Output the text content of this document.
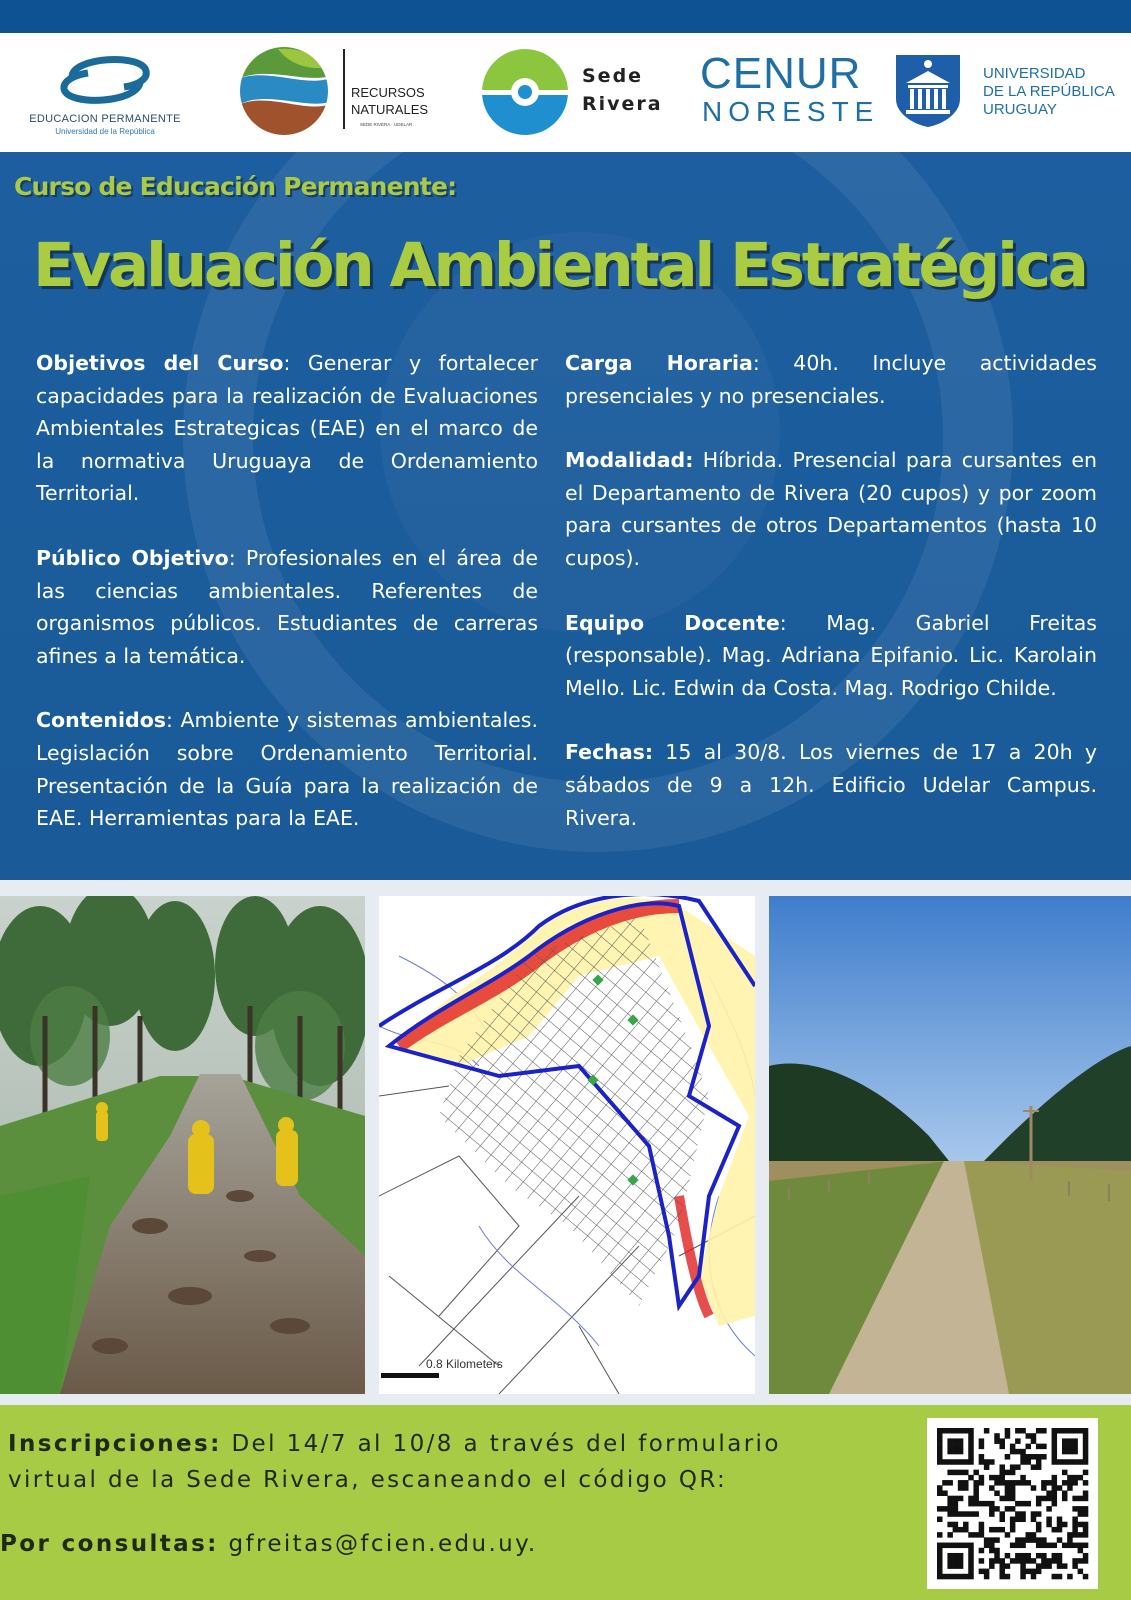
EDUCACION PERMANENTE
Universidad de la República
RECURSOS
NATURALES
SEDE RIVERA · UDELAR
Sede
Rivera
CENUR
NORESTE
UNIVERSIDAD
DE LA REPÚBLICA
URUGUAY
Curso de Educación Permanente:
Evaluación Ambiental Estratégica

Objetivos del Curso: Generar y fortalecer capacidades para la realización de Evaluaciones Ambientales Estrategicas (EAE) en el marco de la normativa Uruguaya de Ordenamiento Territorial.

Público Objetivo: Profesionales en el área de las ciencias ambientales. Referentes de organismos públicos. Estudiantes de carreras afines a la temática.

Contenidos: Ambiente y sistemas ambientales. Legislación sobre Ordenamiento Territorial. Presentación de la Guía para la realización de EAE. Herramientas para la EAE.

Carga Horaria: 40h. Incluye actividades presenciales y no presenciales.

Modalidad: Híbrida. Presencial para cursantes en el Departamento de Rivera (20 cupos) y por zoom para cursantes de otros Departamentos (hasta 10 cupos).

Equipo Docente: Mag. Gabriel Freitas (responsable). Mag. Adriana Epifanio. Lic. Karolain Mello. Lic. Edwin da Costa. Mag. Rodrigo Childe.

Fechas: 15 al 30/8. Los viernes de 17 a 20h y sábados de 9 a 12h. Edificio Udelar Campus. Rivera.

0.8 Kilometers
Inscripciones: Del 14/7 al 10/8 a través del formulario
virtual de la Sede Rivera, escaneando el código QR:
Por consultas: gfreitas@fcien.edu.uy.
